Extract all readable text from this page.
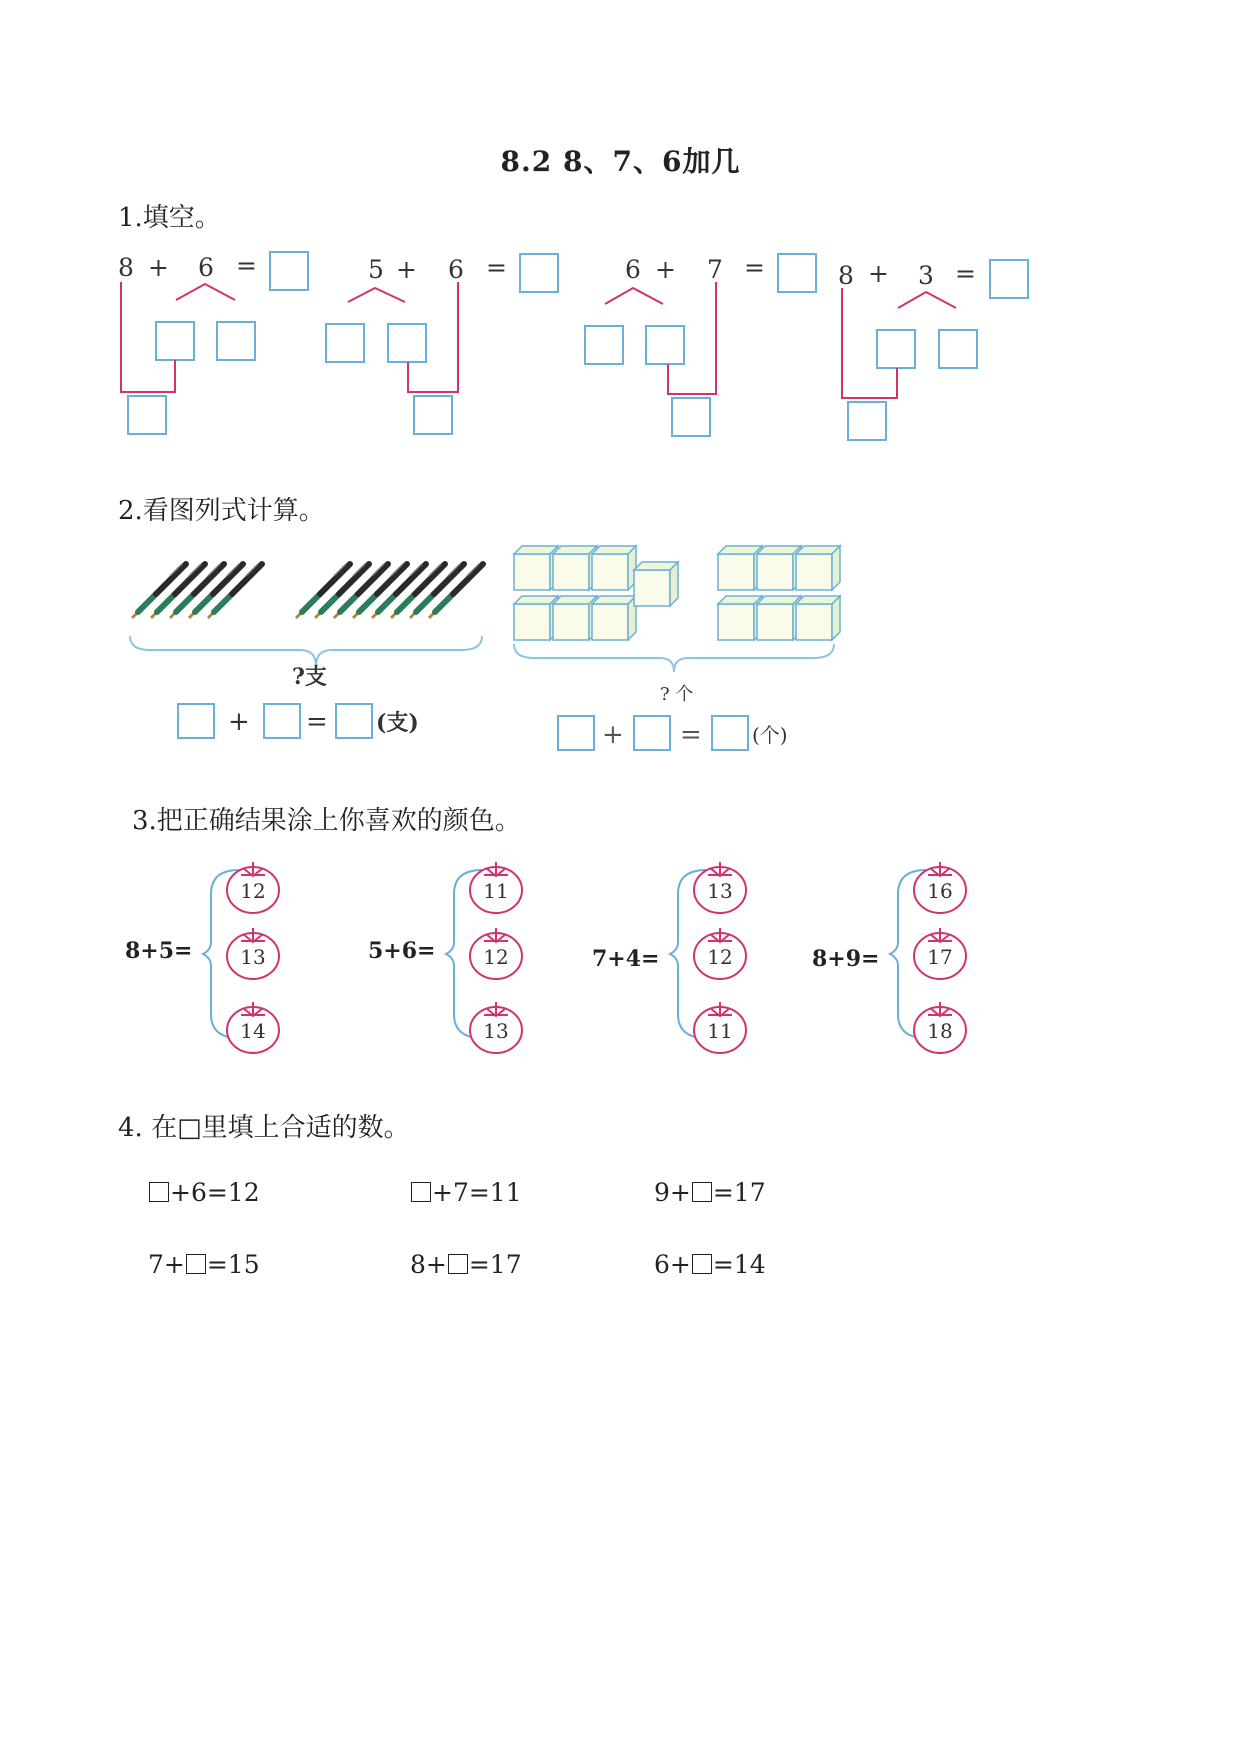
8.2 8、7、6加几
1.填空。
8 + 6 =	5 + 6 =	6 + 7 =	8 + 3 =
2.看图列式计算。
?支
+ = (支)
? 个
+ =	(个)
3.把正确结果涂上你喜欢的颜色。
8+5=
12
13
14
5+6=
11
12
13
7+4=
13
12
11
8+9=
16
17
18
4. 在□里填上合适的数。
+6=12	+7=11	9+ =17
7+ =15	8+ =17	6+ =14
